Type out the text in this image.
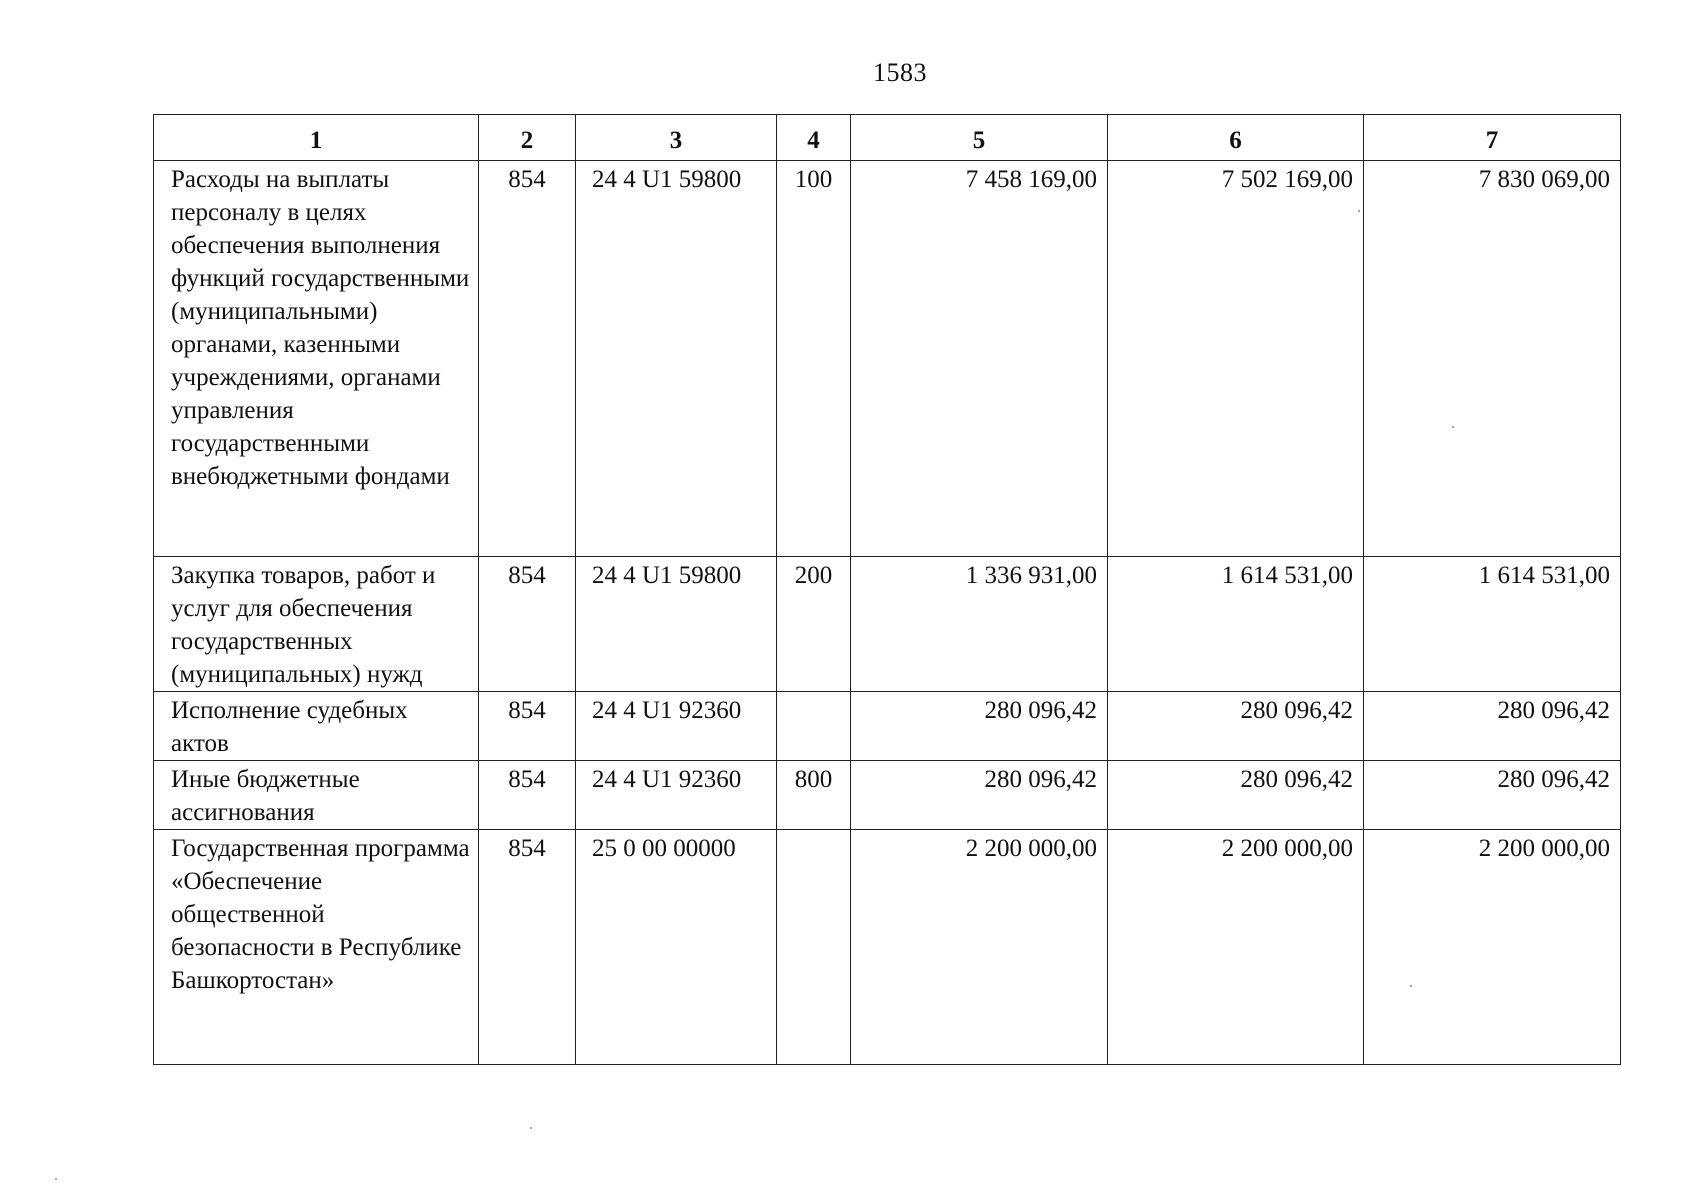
1583
1	2	3	4	5	6	7
Расходы на выплаты персоналу в целях обеспечения выполнения функций государственными (муниципальными) органами, казенными учреждениями, органами управления государственными внебюджетными фондами	854	24 4 U1 59800	100	7 458 169,00	7 502 169,00	7 830 069,00
Закупка товаров, работ и услуг для обеспечения государственных (муниципальных) нужд	854	24 4 U1 59800	200	1 336 931,00	1 614 531,00	1 614 531,00
Исполнение судебных актов	854	24 4 U1 92360		280 096,42	280 096,42	280 096,42
Иные бюджетные ассигнования	854	24 4 U1 92360	800	280 096,42	280 096,42	280 096,42
Государственная программа «Обеспечение общественной безопасности в Республике Башкортостан»	854	25 0 00 00000		2 200 000,00	2 200 000,00	2 200 000,00
